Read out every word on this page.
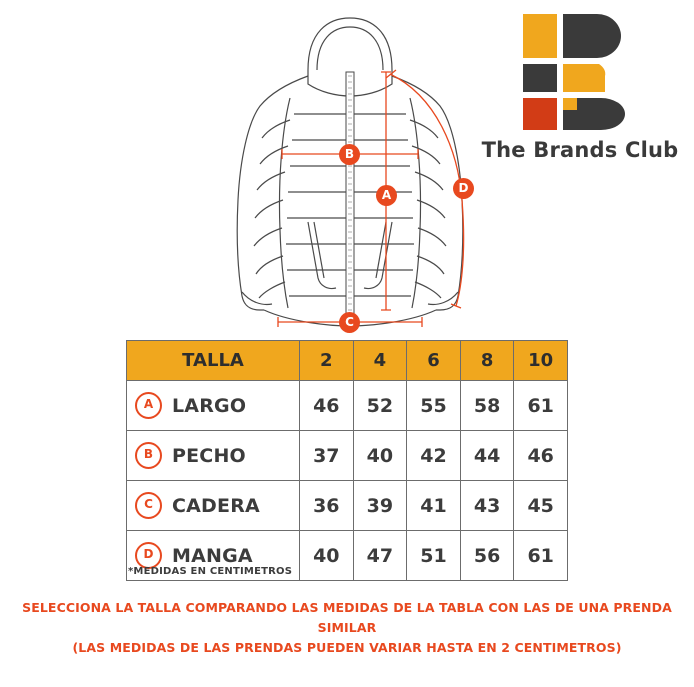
The Brands Club
B
A
C
D
TALLA	2	4	6	8	10

A LARGO	46	52	55	58	61

B PECHO	37	40	42	44	46

C CADERA	36	39	41	43	45

D MANGA	40	47	51	56	61
*MEDIDAS EN CENTIMETROS
SELECCIONA LA TALLA COMPARANDO LAS MEDIDAS DE LA TABLA CON LAS DE UNA PRENDA SIMILAR
(LAS MEDIDAS DE LAS PRENDAS PUEDEN VARIAR HASTA EN 2 CENTIMETROS)
